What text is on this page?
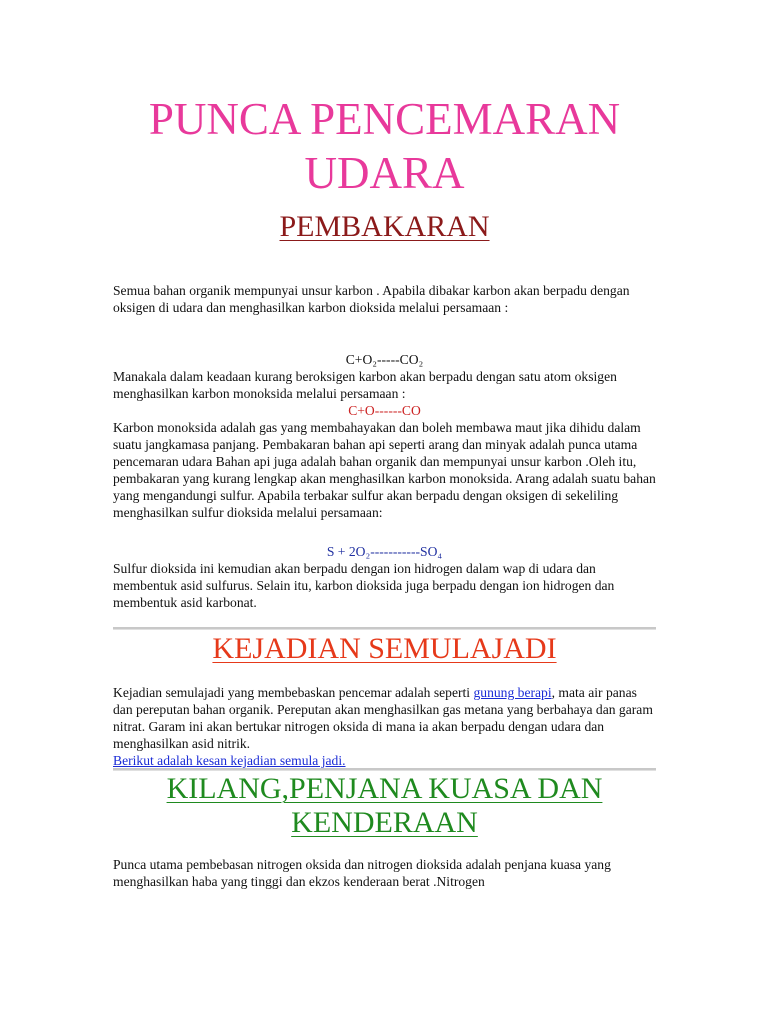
PUNCA PENCEMARAN
UDARA
PEMBAKARAN

Semua bahan organik mempunyai unsur karbon . Apabila dibakar karbon akan berpadu dengan oksigen di udara dan menghasilkan karbon dioksida melalui persamaan :

C+O₂-----CO₂

Manakala dalam keadaan kurang beroksigen karbon akan berpadu dengan satu atom oksigen menghasilkan karbon monoksida melalui persamaan :

C+O------CO

Karbon monoksida adalah gas yang membahayakan dan boleh membawa maut jika dihidu dalam suatu jangkamasa panjang. Pembakaran bahan api seperti arang dan minyak adalah punca utama pencemaran udara Bahan api juga adalah bahan organik dan mempunyai unsur karbon .Oleh itu, pembakaran yang kurang lengkap akan menghasilkan karbon monoksida. Arang adalah suatu bahan yang mengandungi sulfur. Apabila terbakar sulfur akan berpadu dengan oksigen di sekeliling menghasilkan sulfur dioksida melalui persamaan:

S + 2O₂-----------SO₄

Sulfur dioksida ini kemudian akan berpadu dengan ion hidrogen dalam wap di udara dan membentuk asid sulfurus. Selain itu, karbon dioksida juga berpadu dengan ion hidrogen dan membentuk asid karbonat.

KEJADIAN SEMULAJADI

Kejadian semulajadi yang membebaskan pencemar adalah seperti gunung berapi, mata air panas dan pereputan bahan organik. Pereputan akan menghasilkan gas metana yang berbahaya dan garam nitrat. Garam ini akan bertukar nitrogen oksida di mana ia akan berpadu dengan udara dan menghasilkan asid nitrik.
Berikut adalah kesan kejadian semula jadi.

KILANG,PENJANA KUASA DAN
KENDERAAN

Punca utama pembebasan nitrogen oksida dan nitrogen dioksida adalah penjana kuasa yang menghasilkan haba yang tinggi dan ekzos kenderaan berat .Nitrogen
